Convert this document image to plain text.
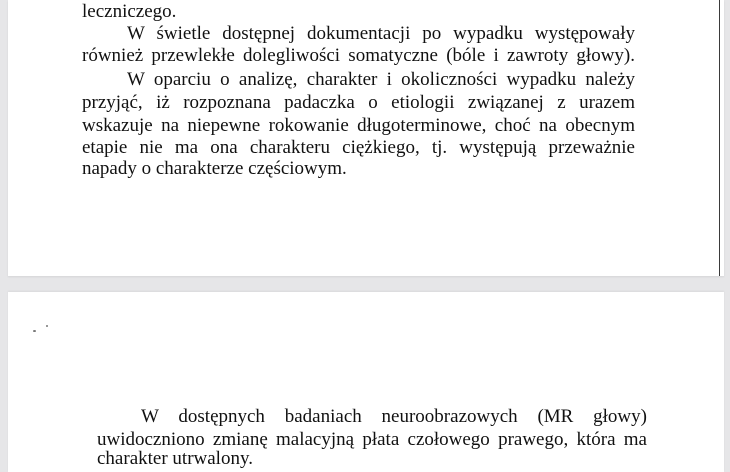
leczniczego.
W świetle dostępnej dokumentacji po wypadku występowały
również przewlekłe dolegliwości somatyczne (bóle i zawroty głowy).
W oparciu o analizę, charakter i okoliczności wypadku należy
przyjąć, iż rozpoznana padaczka o etiologii związanej z urazem
wskazuje na niepewne rokowanie długoterminowe, choć na obecnym
etapie nie ma ona charakteru ciężkiego, tj. występują przeważnie
napady o charakterze częściowym.
W dostępnych badaniach neuroobrazowych (MR głowy)
uwidoczniono zmianę malacyjną płata czołowego prawego, która ma
charakter utrwalony.
